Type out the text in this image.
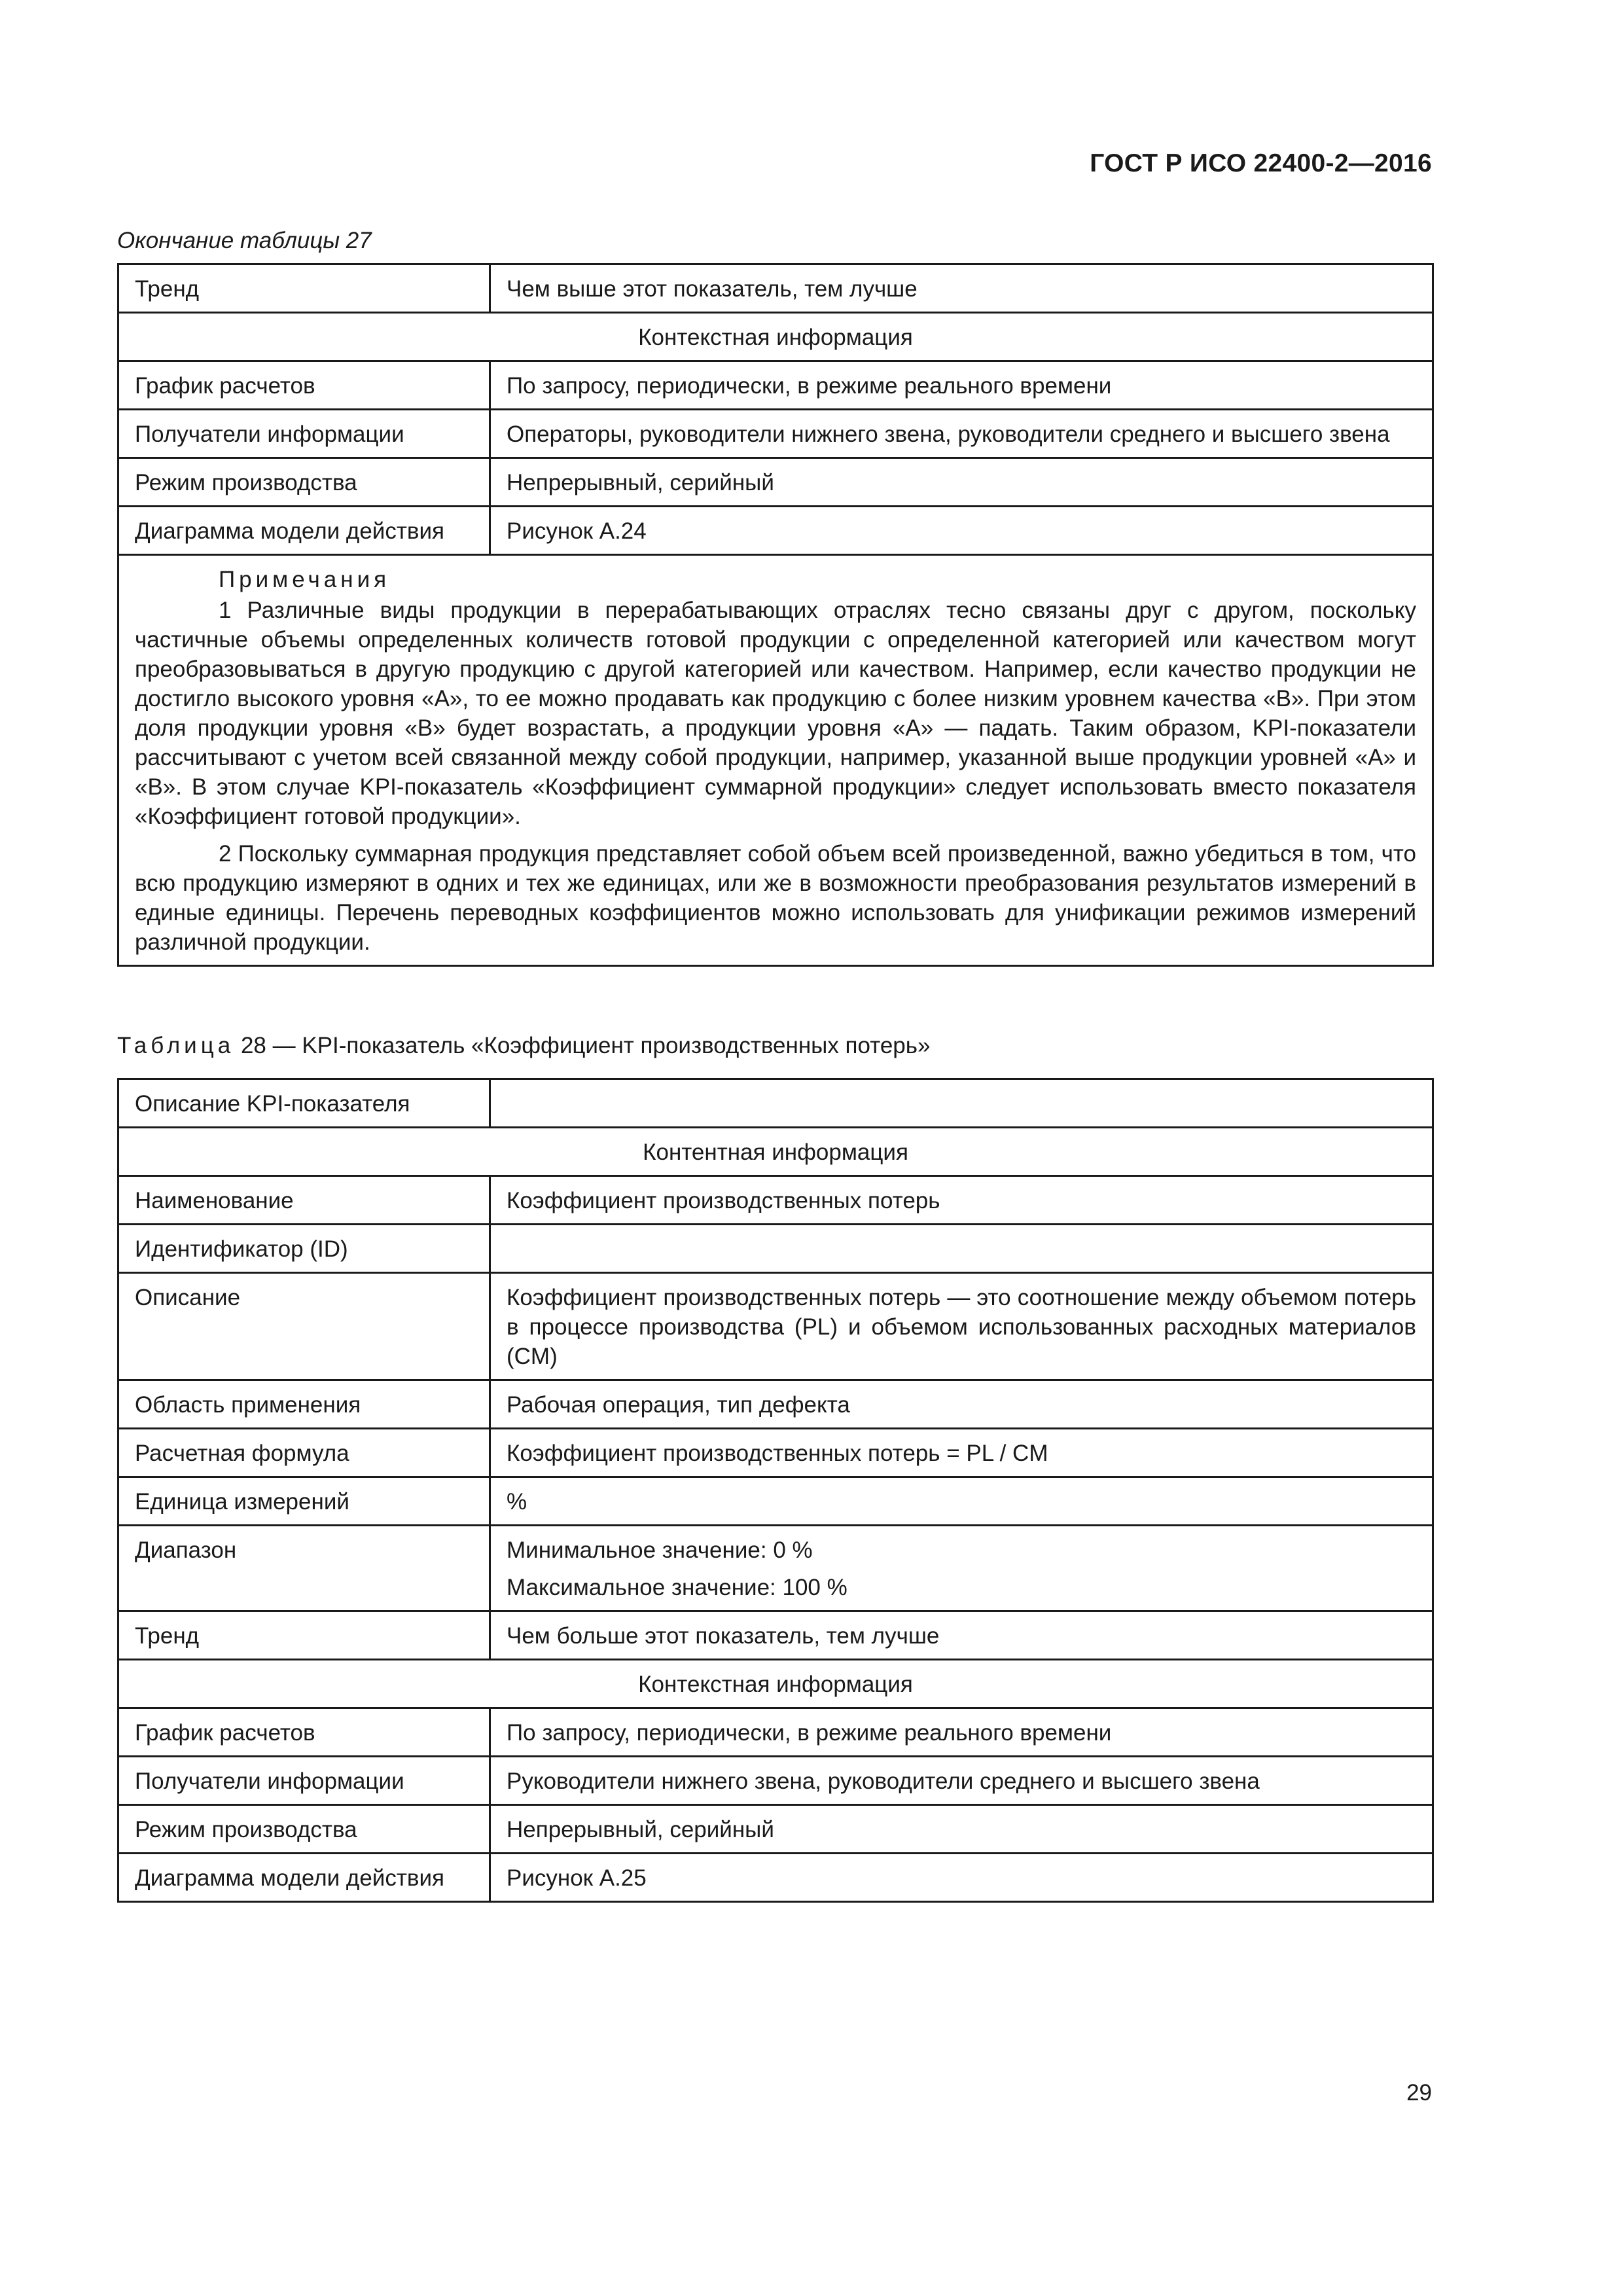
ГОСТ Р ИСО 22400-2—2016
Окончание таблицы 27
Тренд	Чем выше этот показатель, тем лучше
Контекстная информация	
График расчетов	По запросу, периодически, в режиме реального времени
Получатели информации	Операторы, руководители нижнего звена, руководители среднего и высшего звена
Режим производства	Непрерывный, серийный
Диаграмма модели действия	Рисунок А.24

Примечания
1 Различные виды продукции в перерабатывающих отраслях тесно связаны друг с другом, поскольку частичные объемы определенных количеств готовой продукции с определенной категорией или качеством могут преобразовываться в другую продукцию с другой категорией или качеством. Например, если качество продукции не достигло высокого уровня «А», то ее можно продавать как продукцию с более низким уровнем качества «В». При этом доля продукции уровня «В» будет возрастать, а продукции уровня «А» — падать. Таким образом, KPI-показатели рассчитывают с учетом всей связанной между собой продукции, например, указанной выше продукции уровней «А» и «В». В этом случае KPI-показатель «Коэффициент суммарной продукции» следует использовать вместо показателя «Коэффициент готовой продукции».
2 Поскольку суммарная продукция представляет собой объем всей произведенной, важно убедиться в том, что всю продукцию измеряют в одних и тех же единицах, или же в возможности преобразования результатов измерений в единые единицы. Перечень переводных коэффициентов можно использовать для унификации режимов измерений различной продукции.	
Таблица 28 — KPI-показатель «Коэффициент производственных потерь»
Описание KPI-показателя	
Контентная информация	
Наименование	Коэффициент производственных потерь
Идентификатор (ID)	
Описание	Коэффициент производственных потерь — это соотношение между объемом потерь в процессе производства (PL) и объемом использованных расходных материалов (CM)
Область применения	Рабочая операция, тип дефекта
Расчетная формула	Коэффициент производственных потерь = PL / CM
Единица измерений	%
Диапазон	Минимальное значение: 0 %
Максимальное значение: 100 %

Тренд	Чем больше этот показатель, тем лучше
Контекстная информация	
График расчетов	По запросу, периодически, в режиме реального времени
Получатели информации	Руководители нижнего звена, руководители среднего и высшего звена
Режим производства	Непрерывный, серийный
Диаграмма модели действия	Рисунок А.25
29
